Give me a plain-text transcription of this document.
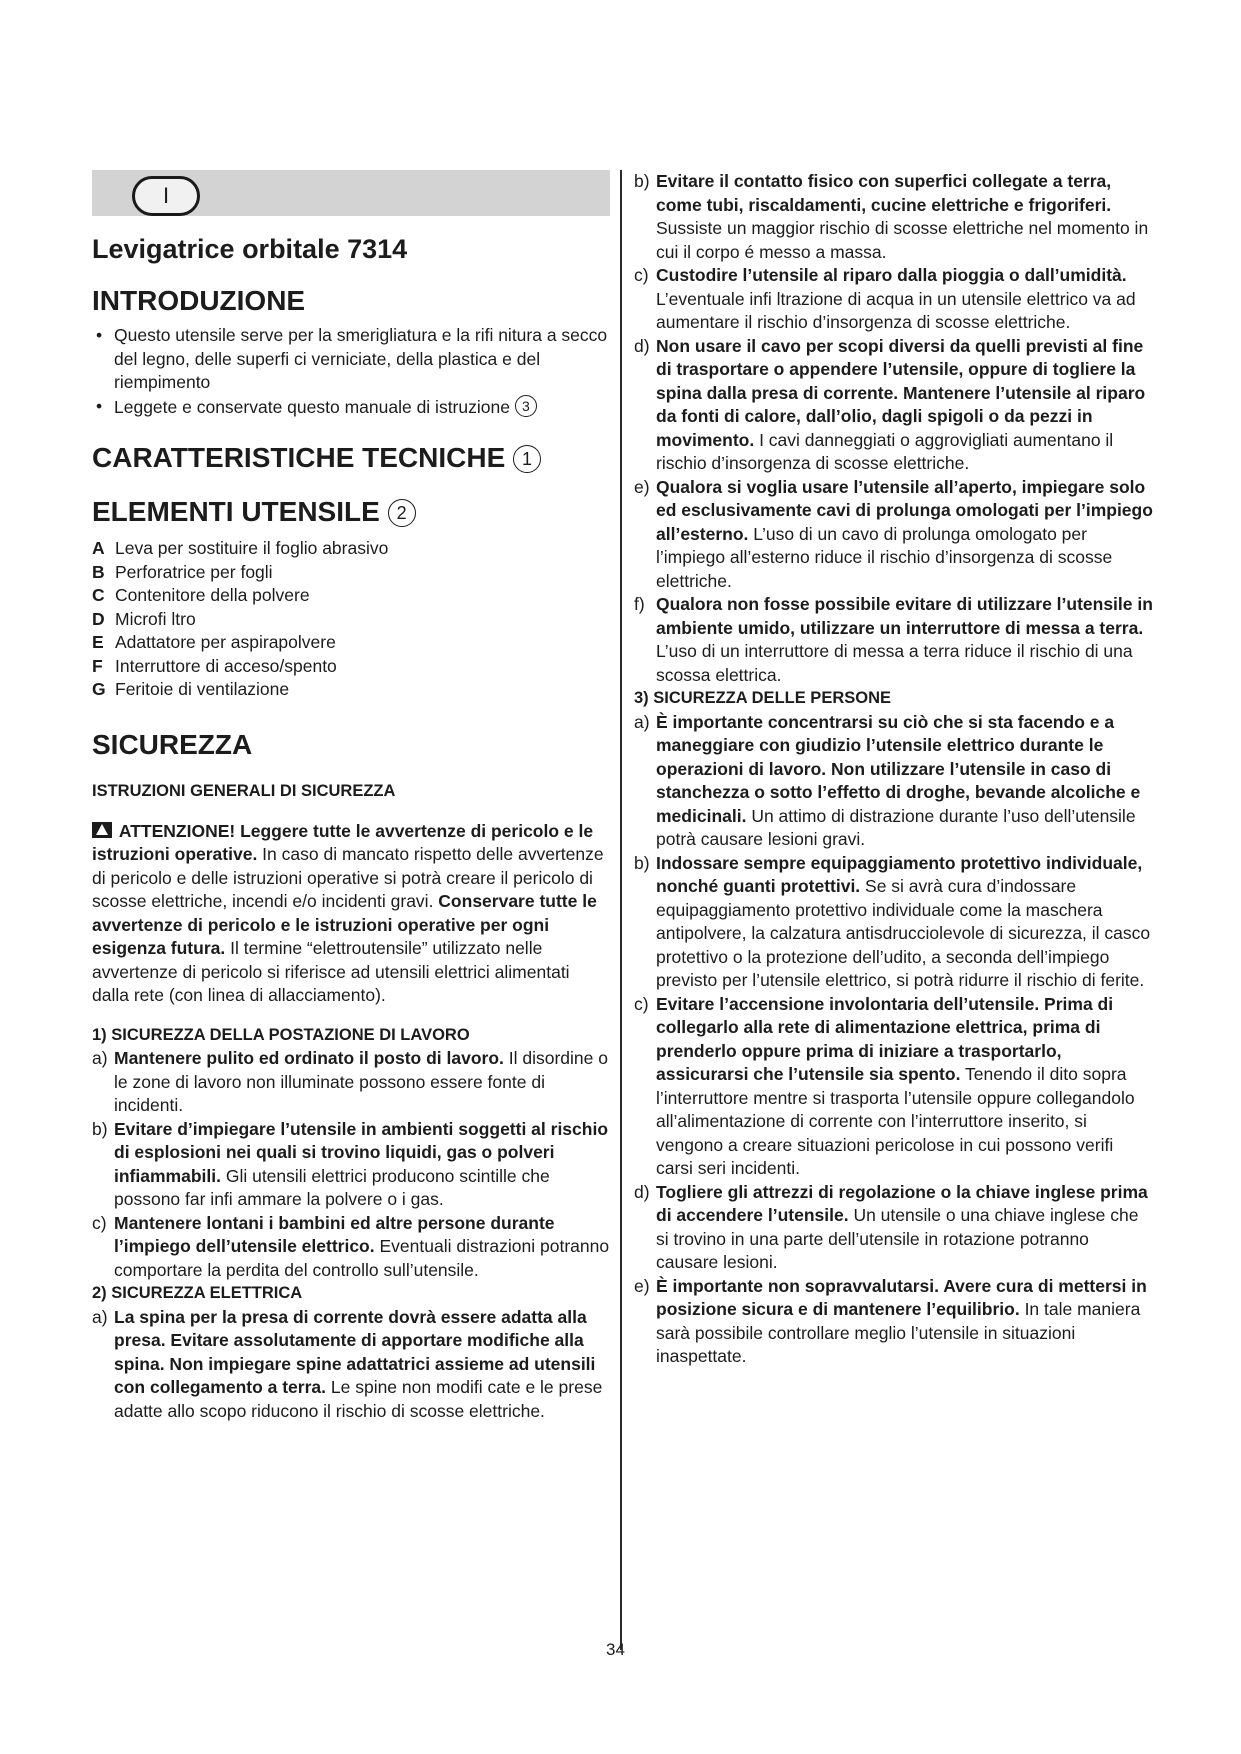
I
Levigatrice orbitale 7314
INTRODUZIONE
• Questo utensile serve per la smerigliatura e la rifi nitura a secco del legno, delle superfi ci verniciate, della plastica e del riempimento
• Leggete e conservate questo manuale di istruzione 3
CARATTERISTICHE TECNICHE 1
ELEMENTI UTENSILE 2
A Leva per sostituire il foglio abrasivo
B Perforatrice per fogli
C Contenitore della polvere
D Microfi ltro
E Adattatore per aspirapolvere
F Interruttore di acceso/spento
G Feritoie di ventilazione
SICUREZZA
ISTRUZIONI GENERALI DI SICUREZZA
ATTENZIONE! Leggere tutte le avvertenze di pericolo e le istruzioni operative. In caso di mancato rispetto delle avvertenze di pericolo e delle istruzioni operative si potrà creare il pericolo di scosse elettriche, incendi e/o incidenti gravi. Conservare tutte le avvertenze di pericolo e le istruzioni operative per ogni esigenza futura. Il termine “elettroutensile” utilizzato nelle avvertenze di pericolo si riferisce ad utensili elettrici alimentati dalla rete (con linea di allacciamento).
1) SICUREZZA DELLA POSTAZIONE DI LAVORO
a) Mantenere pulito ed ordinato il posto di lavoro. Il disordine o le zone di lavoro non illuminate possono essere fonte di incidenti.
b) Evitare d’impiegare l’utensile in ambienti soggetti al rischio di esplosioni nei quali si trovino liquidi, gas o polveri infiammabili. Gli utensili elettrici producono scintille che possono far infi ammare la polvere o i gas.
c) Mantenere lontani i bambini ed altre persone durante l’impiego dell’utensile elettrico. Eventuali distrazioni potranno comportare la perdita del controllo sull’utensile.
2) SICUREZZA ELETTRICA
a) La spina per la presa di corrente dovrà essere adatta alla presa. Evitare assolutamente di apportare modifiche alla spina. Non impiegare spine adattatrici assieme ad utensili con collegamento a terra. Le spine non modifi cate e le prese adatte allo scopo riducono il rischio di scosse elettriche.
b) Evitare il contatto fisico con superfici collegate a terra, come tubi, riscaldamenti, cucine elettriche e frigoriferi. Sussiste un maggior rischio di scosse elettriche nel momento in cui il corpo é messo a massa.
c) Custodire l’utensile al riparo dalla pioggia o dall’umidità. L’eventuale infi ltrazione di acqua in un utensile elettrico va ad aumentare il rischio d’insorgenza di scosse elettriche.
d) Non usare il cavo per scopi diversi da quelli previsti al fine di trasportare o appendere l’utensile, oppure di togliere la spina dalla presa di corrente. Mantenere l’utensile al riparo da fonti di calore, dall’olio, dagli spigoli o da pezzi in movimento. I cavi danneggiati o aggrovigliati aumentano il rischio d’insorgenza di scosse elettriche.
e) Qualora si voglia usare l’utensile all’aperto, impiegare solo ed esclusivamente cavi di prolunga omologati per l’impiego all’esterno. L’uso di un cavo di prolunga omologato per l’impiego all’esterno riduce il rischio d’insorgenza di scosse elettriche.
f) Qualora non fosse possibile evitare di utilizzare l’utensile in ambiente umido, utilizzare un interruttore di messa a terra. L’uso di un interruttore di messa a terra riduce il rischio di una scossa elettrica.
3) SICUREZZA DELLE PERSONE
a) È importante concentrarsi su ciò che si sta facendo e a maneggiare con giudizio l’utensile elettrico durante le operazioni di lavoro. Non utilizzare l’utensile in caso di stanchezza o sotto l’effetto di droghe, bevande alcoliche e medicinali. Un attimo di distrazione durante l’uso dell’utensile potrà causare lesioni gravi.
b) Indossare sempre equipaggiamento protettivo individuale, nonché guanti protettivi. Se si avrà cura d’indossare equipaggiamento protettivo individuale come la maschera antipolvere, la calzatura antisdrucciolevole di sicurezza, il casco protettivo o la protezione dell’udito, a seconda dell’impiego previsto per l’utensile elettrico, si potrà ridurre il rischio di ferite.
c) Evitare l’accensione involontaria dell’utensile. Prima di collegarlo alla rete di alimentazione elettrica, prima di prenderlo oppure prima di iniziare a trasportarlo, assicurarsi che l’utensile sia spento. Tenendo il dito sopra l’interruttore mentre si trasporta l’utensile oppure collegandolo all’alimentazione di corrente con l’interruttore inserito, si vengono a creare situazioni pericolose in cui possono verifi carsi seri incidenti.
d) Togliere gli attrezzi di regolazione o la chiave inglese prima di accendere l’utensile. Un utensile o una chiave inglese che si trovino in una parte dell’utensile in rotazione potranno causare lesioni.
e) È importante non sopravvalutarsi. Avere cura di mettersi in posizione sicura e di mantenere l’equilibrio. In tale maniera sarà possibile controllare meglio l’utensile in situazioni inaspettate.
34
